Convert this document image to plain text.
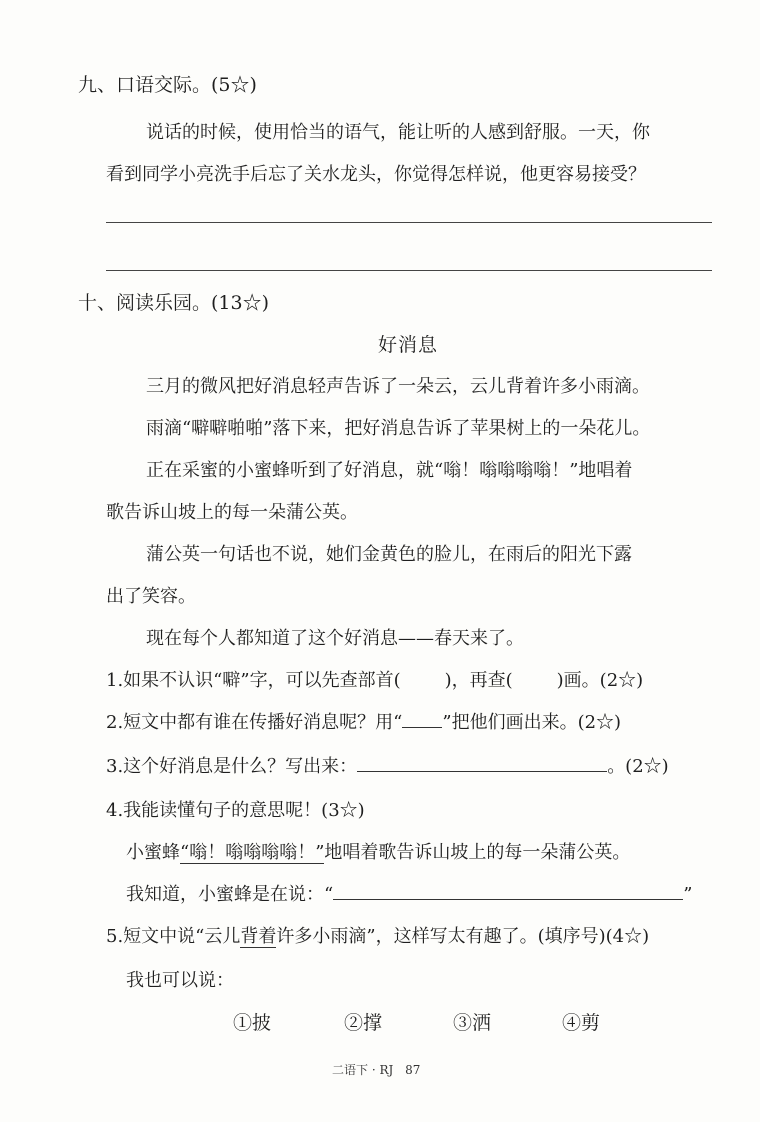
九、口语交际。(5☆)
说话的时候，使用恰当的语气，能让听的人感到舒服。一天，你
看到同学小亮洗手后忘了关水龙头，你觉得怎样说，他更容易接受？
十、阅读乐园。(13☆)
好消息
三月的微风把好消息轻声告诉了一朵云，云儿背着许多小雨滴。
雨滴“噼噼啪啪”落下来，把好消息告诉了苹果树上的一朵花儿。
正在采蜜的小蜜蜂听到了好消息，就“嗡！嗡嗡嗡嗡！”地唱着
歌告诉山坡上的每一朵蒲公英。
蒲公英一句话也不说，她们金黄色的脸儿，在雨后的阳光下露
出了笑容。
现在每个人都知道了这个好消息——春天来了。
1.如果不认识“噼”字，可以先查部首( )，再查( )画。(2☆)
2.短文中都有谁在传播好消息呢？用“ ”把他们画出来。(2☆)
3.这个好消息是什么？写出来：	。(2☆)
4.我能读懂句子的意思呢！(3☆)
小蜜蜂“嗡！嗡嗡嗡嗡！”地唱着歌告诉山坡上的每一朵蒲公英。
我知道，小蜜蜂是在说：“	”
5.短文中说“云儿背着许多小雨滴”，这样写太有趣了。(填序号)(4☆)
我也可以说：
①披	②撑	③洒	④剪
二语下 · RJ 87
